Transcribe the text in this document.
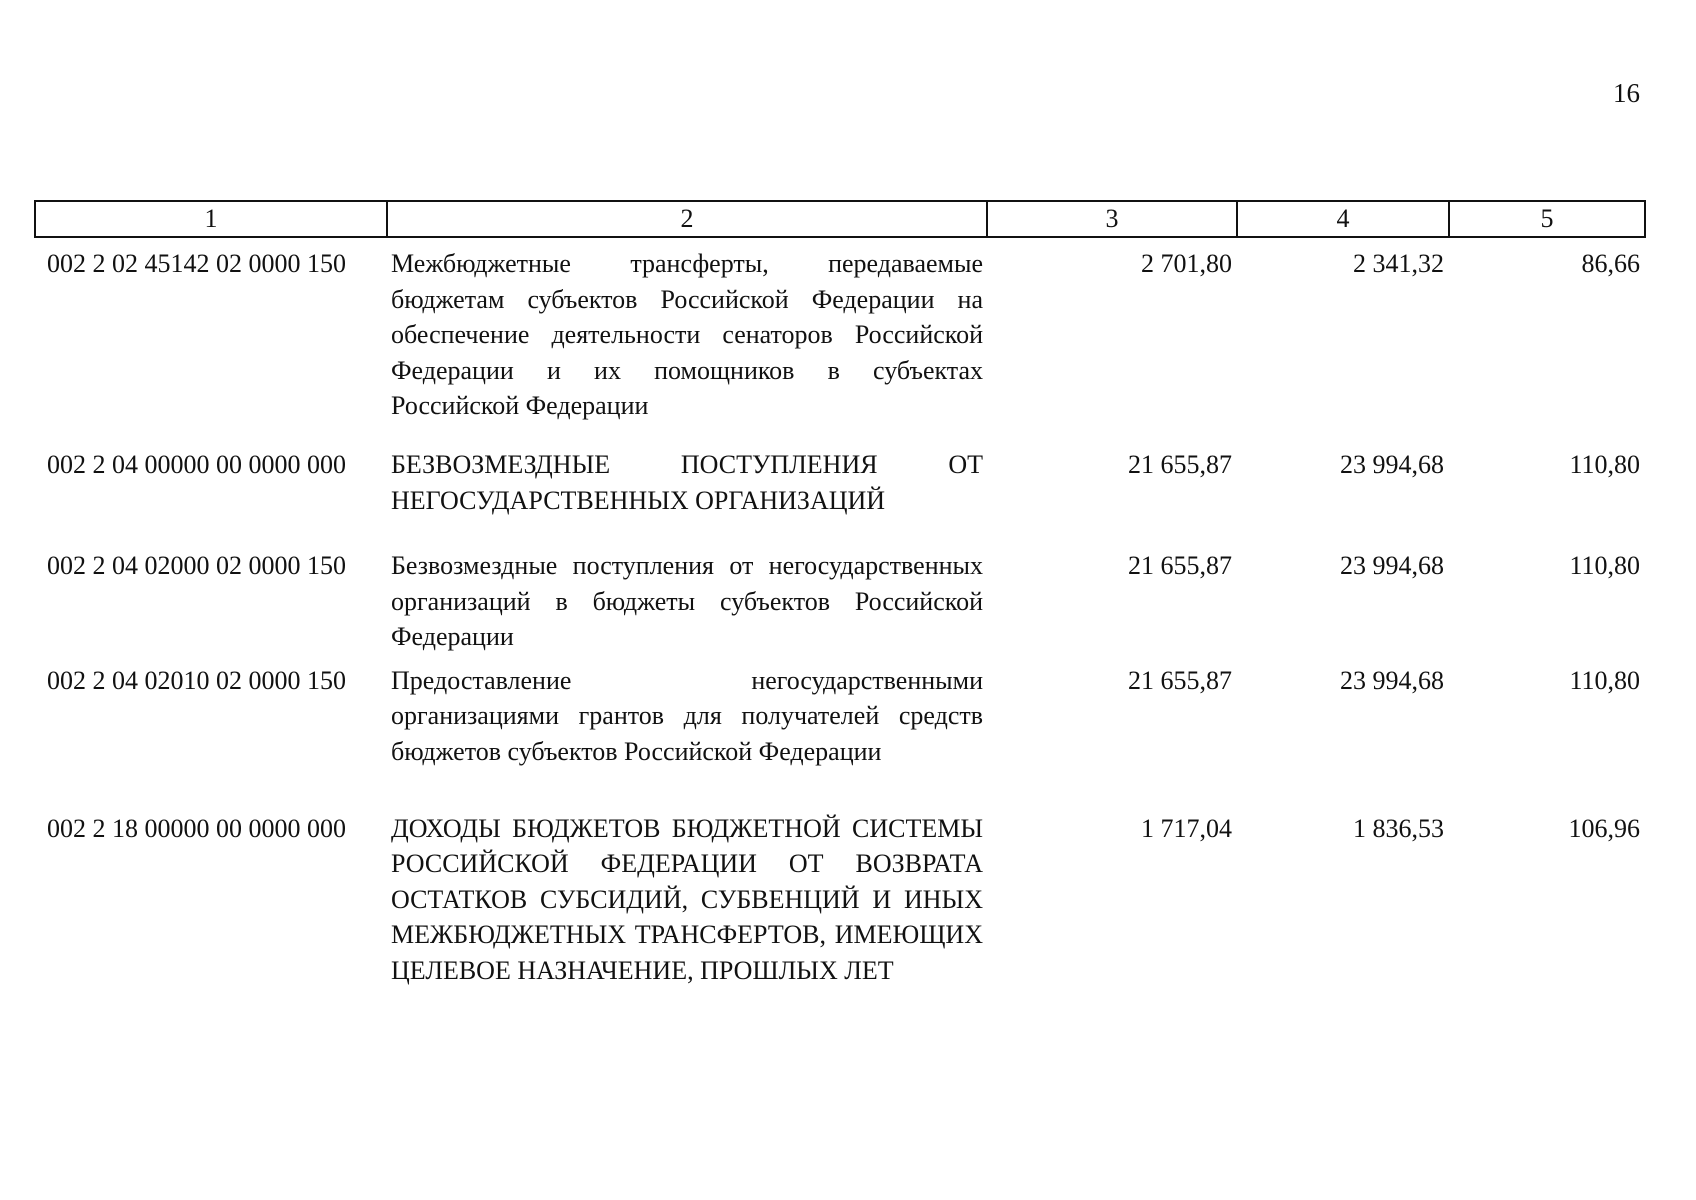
16
1	2	3	4	5
002 2 02 45142 02 0000 150	Межбюджетные трансферты, передаваемые бюджетам субъектов Российской Федерации на обеспечение деятельности сенаторов Российской Федерации и их помощников в субъектах Российской Федерации	2 701,80	2 341,32	86,66
002 2 04 00000 00 0000 000	БЕЗВОЗМЕЗДНЫЕ ПОСТУПЛЕНИЯ ОТ НЕГОСУДАРСТВЕННЫХ ОРГАНИЗАЦИЙ	21 655,87	23 994,68	110,80
002 2 04 02000 02 0000 150	Безвозмездные поступления от негосударственных организаций в бюджеты субъектов Российской Федерации	21 655,87	23 994,68	110,80
002 2 04 02010 02 0000 150	Предоставление негосударственными организациями грантов для получателей средств бюджетов субъектов Российской Федерации	21 655,87	23 994,68	110,80
002 2 18 00000 00 0000 000	ДОХОДЫ БЮДЖЕТОВ БЮДЖЕТНОЙ СИСТЕМЫ РОССИЙСКОЙ ФЕДЕРАЦИИ ОТ ВОЗВРАТА ОСТАТКОВ СУБСИДИЙ, СУБВЕНЦИЙ И ИНЫХ МЕЖБЮДЖЕТНЫХ ТРАНСФЕРТОВ, ИМЕЮЩИХ ЦЕЛЕВОЕ НАЗНАЧЕНИЕ, ПРОШЛЫХ ЛЕТ	1 717,04	1 836,53	106,96
